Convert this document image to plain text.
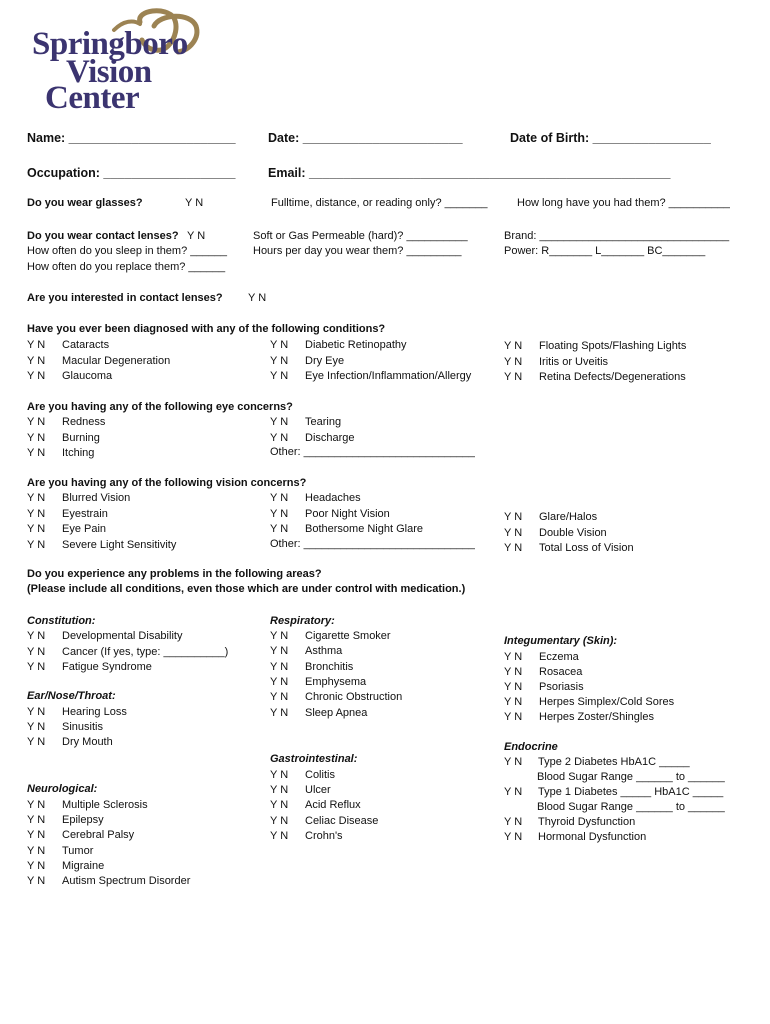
Springboro
Vision
Center
Name: ________________________	Date: _______________________	Date of Birth: _________________
Occupation: ___________________	Email: ____________________________________________________
Do you wear glasses?	Y N	Fulltime, distance, or reading only? _______	How long have you had them? __________
Do you wear contact lenses? Y N
How often do you sleep in them? ______
How often do you replace them? ______
Soft or Gas Permeable (hard)? __________
Hours per day you wear them? _________
Brand: _______________________________
Power: R_______ L_______ BC_______
Are you interested in contact lenses? Y N
Have you ever been diagnosed with any of the following conditions?
Are you having any of the following eye concerns?
Other: ____________________________
Are you having any of the following vision concerns?
Other: ____________________________
Do you experience any problems in the following areas?
(Please include all conditions, even those which are under control with medication.)
Constitution:
Ear/Nose/Throat:
Neurological:
Respiratory:
Gastrointestinal:
Integumentary (Skin):
Endocrine
Y N Type 2 Diabetes HbA1C _____
Blood Sugar Range ______ to ______
Y N Type 1 Diabetes _____ HbA1C _____
Blood Sugar Range ______ to ______
Y N Thyroid Dysfunction
Y N Hormonal Dysfunction
Y N Cataracts
Y N Macular Degeneration
Y N Glaucoma
Y N Diabetic Retinopathy
Y N Dry Eye
Y N Eye Infection/Inflammation/Allergy
Y N Floating Spots/Flashing Lights
Y N Iritis or Uveitis
Y N Retina Defects/Degenerations
Y N Redness
Y N Burning
Y N Itching
Y N Tearing
Y N Discharge
Y N Blurred Vision
Y N Eyestrain
Y N Eye Pain
Y N Severe Light Sensitivity
Y N Headaches
Y N Poor Night Vision
Y N Bothersome Night Glare
Y N Glare/Halos
Y N Double Vision
Y N Total Loss of Vision
Y N Developmental Disability
Y N Cancer (If yes, type: __________)
Y N Fatigue Syndrome
Y N Hearing Loss
Y N Sinusitis
Y N Dry Mouth
Y N Multiple Sclerosis
Y N Epilepsy
Y N Cerebral Palsy
Y N Tumor
Y N Migraine
Y N Autism Spectrum Disorder
Y N Cigarette Smoker
Y N Asthma
Y N Bronchitis
Y N Emphysema
Y N Chronic Obstruction
Y N Sleep Apnea
Y N Colitis
Y N Ulcer
Y N Acid Reflux
Y N Celiac Disease
Y N Crohn's
Y N Eczema
Y N Rosacea
Y N Psoriasis
Y N Herpes Simplex/Cold Sores
Y N Herpes Zoster/Shingles
